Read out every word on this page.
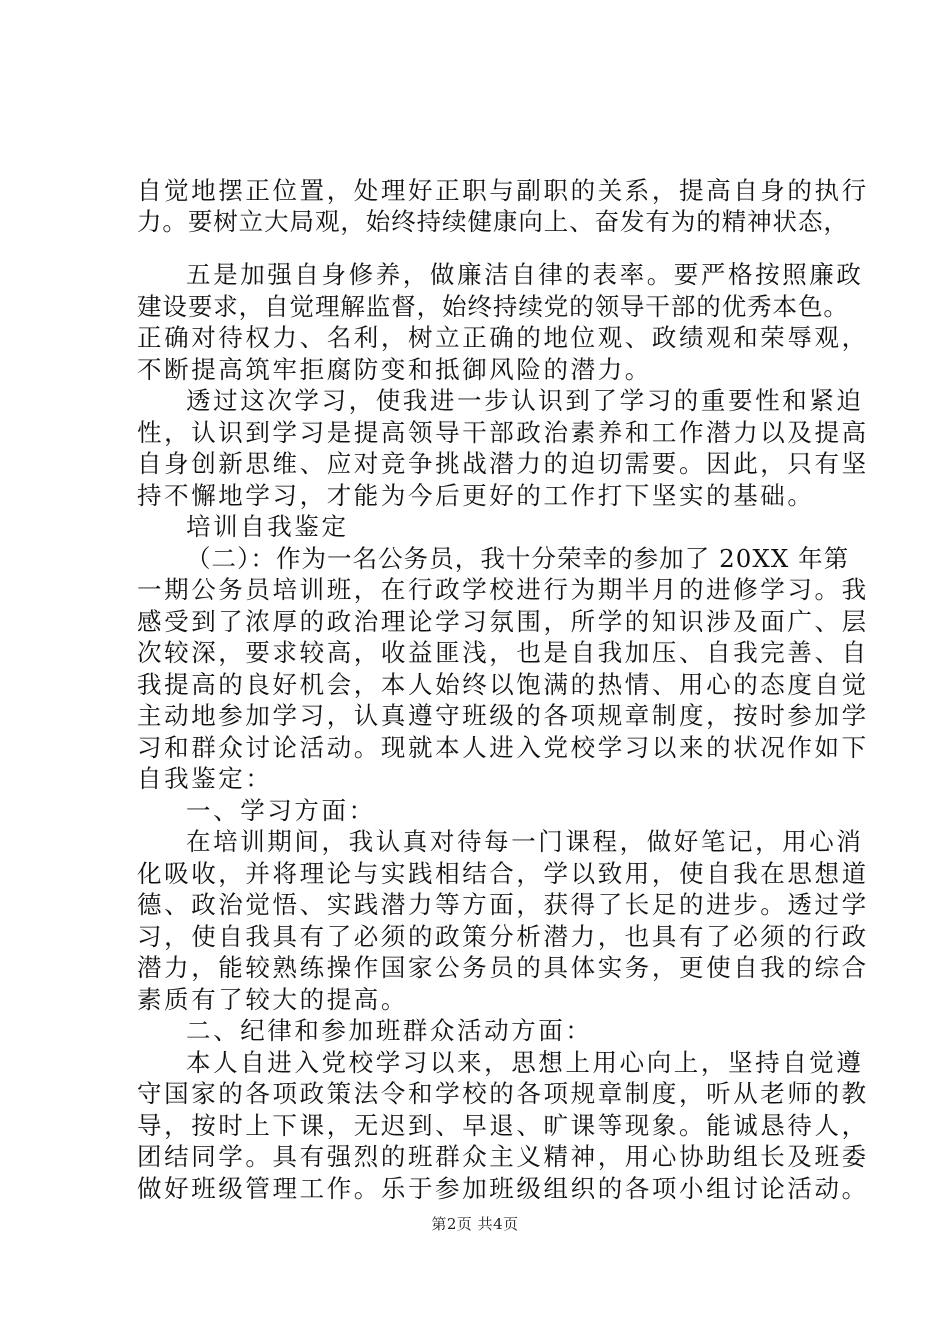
自觉地摆正位置，处理好正职与副职的关系，提高自身的执行
力。要树立大局观，始终持续健康向上、奋发有为的精神状态，
五是加强自身修养，做廉洁自律的表率。要严格按照廉政
建设要求，自觉理解监督，始终持续党的领导干部的优秀本色。
正确对待权力、名利，树立正确的地位观、政绩观和荣辱观，
不断提高筑牢拒腐防变和抵御风险的潜力。
透过这次学习，使我进一步认识到了学习的重要性和紧迫
性，认识到学习是提高领导干部政治素养和工作潜力以及提高
自身创新思维、应对竞争挑战潜力的迫切需要。因此，只有坚
持不懈地学习，才能为今后更好的工作打下坚实的基础。
培训自我鉴定
（二）：作为一名公务员，我十分荣幸的参加了 20XX 年第
一期公务员培训班，在行政学校进行为期半月的进修学习。我
感受到了浓厚的政治理论学习氛围，所学的知识涉及面广、层
次较深，要求较高，收益匪浅，也是自我加压、自我完善、自
我提高的良好机会，本人始终以饱满的热情、用心的态度自觉
主动地参加学习，认真遵守班级的各项规章制度，按时参加学
习和群众讨论活动。现就本人进入党校学习以来的状况作如下
自我鉴定：
一、学习方面：
在培训期间，我认真对待每一门课程，做好笔记，用心消
化吸收，并将理论与实践相结合，学以致用，使自我在思想道
德、政治觉悟、实践潜力等方面，获得了长足的进步。透过学
习，使自我具有了必须的政策分析潜力，也具有了必须的行政
潜力，能较熟练操作国家公务员的具体实务，更使自我的综合
素质有了较大的提高。
二、纪律和参加班群众活动方面：
本人自进入党校学习以来，思想上用心向上，坚持自觉遵
守国家的各项政策法令和学校的各项规章制度，听从老师的教
导，按时上下课，无迟到、早退、旷课等现象。能诚恳待人，
团结同学。具有强烈的班群众主义精神，用心协助组长及班委
做好班级管理工作。乐于参加班级组织的各项小组讨论活动。
第2页 共4页
